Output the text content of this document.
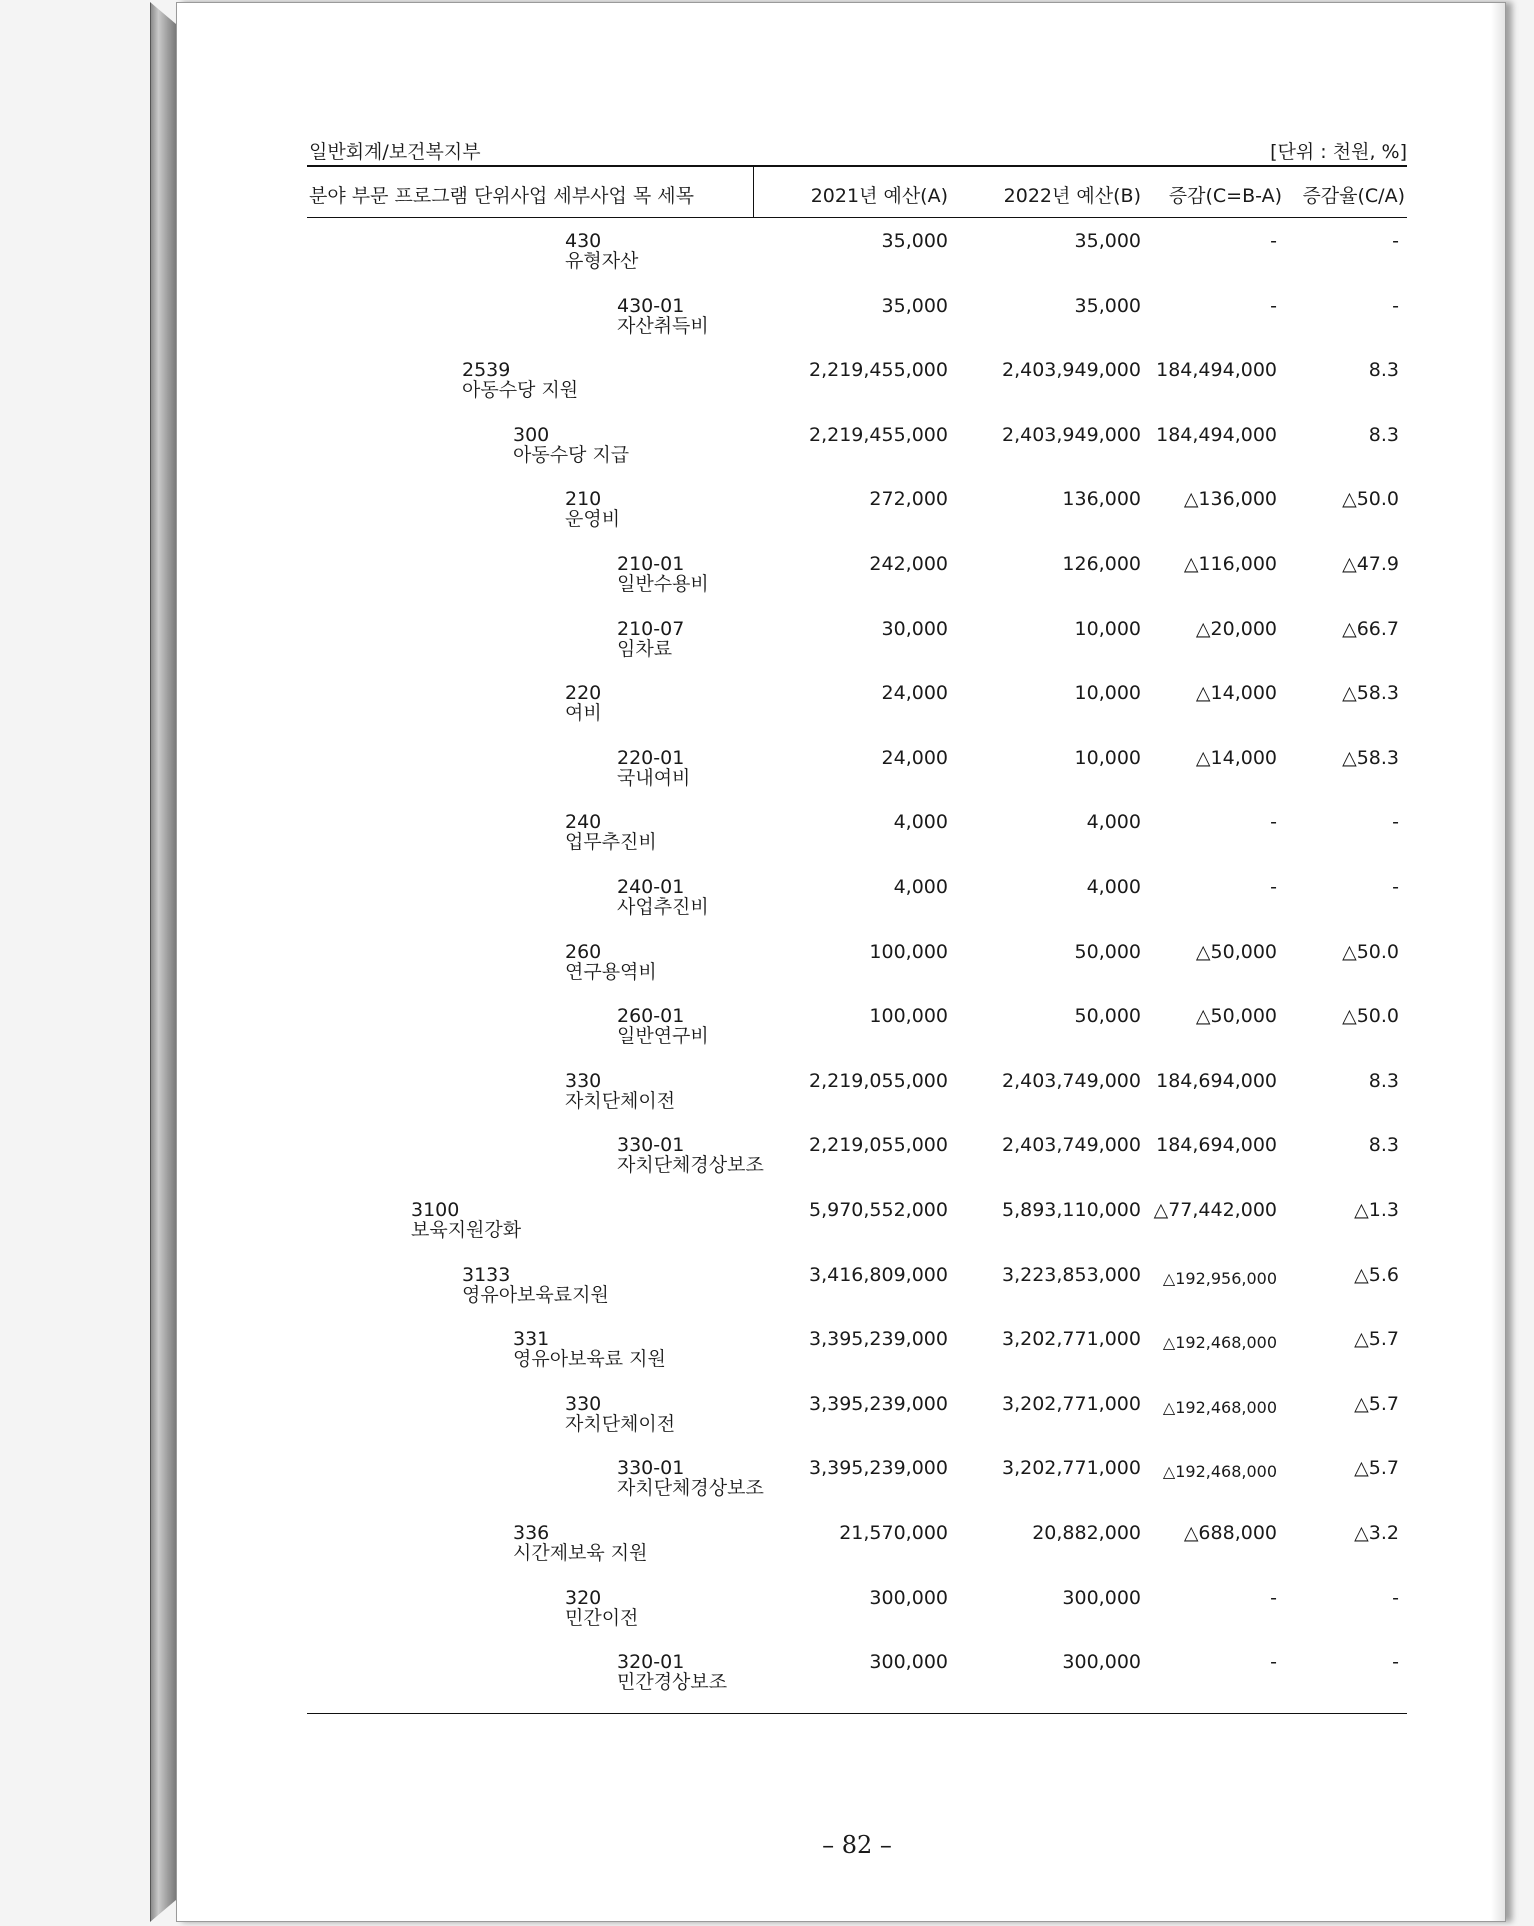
일반회계/보건복지부	[단위 : 천원, %]
분야 부문 프로그램 단위사업 세부사업 목 세목	2021년 예산(A)	2022년 예산(B) 증감(C=B-A) 증감율(C/A)
430
유형자산
35,000	35,000	-	-
430-01
자산취득비
35,000	35,000	-	-
2539
아동수당 지원
2,219,455,000	2,403,949,000 184,494,000	8.3
300
아동수당 지급
2,219,455,000	2,403,949,000 184,494,000	8.3
210
운영비
272,000	136,000 △136,000	△50.0
210-01
일반수용비
242,000	126,000 △116,000	△47.9
210-07
임차료
30,000	10,000	△20,000	△66.7
220
여비
24,000	10,000	△14,000	△58.3
220-01
국내여비
24,000	10,000	△14,000	△58.3
240
업무추진비
4,000	4,000	-	-
240-01
사업추진비
4,000	4,000	-	-
260
연구용역비
100,000	50,000	△50,000	△50.0
260-01
일반연구비
100,000	50,000	△50,000	△50.0
330
자치단체이전
2,219,055,000	2,403,749,000 184,694,000	8.3
330-01
자치단체경상보조
2,219,055,000	2,403,749,000 184,694,000	8.3
3100
보육지원강화
5,970,552,000	5,893,110,000 △77,442,000	△1.3
3133
영유아보육료지원
3,416,809,000	3,223,853,000 △192,956,000	△5.6
331
영유아보육료 지원
3,395,239,000	3,202,771,000 △192,468,000	△5.7
330
자치단체이전
3,395,239,000	3,202,771,000 △192,468,000	△5.7
330-01
자치단체경상보조
3,395,239,000	3,202,771,000 △192,468,000	△5.7
336
시간제보육 지원
21,570,000	20,882,000 △688,000	△3.2
320
민간이전
300,000	300,000	-	-
320-01
민간경상보조
300,000	300,000	-	-
– 82 –
